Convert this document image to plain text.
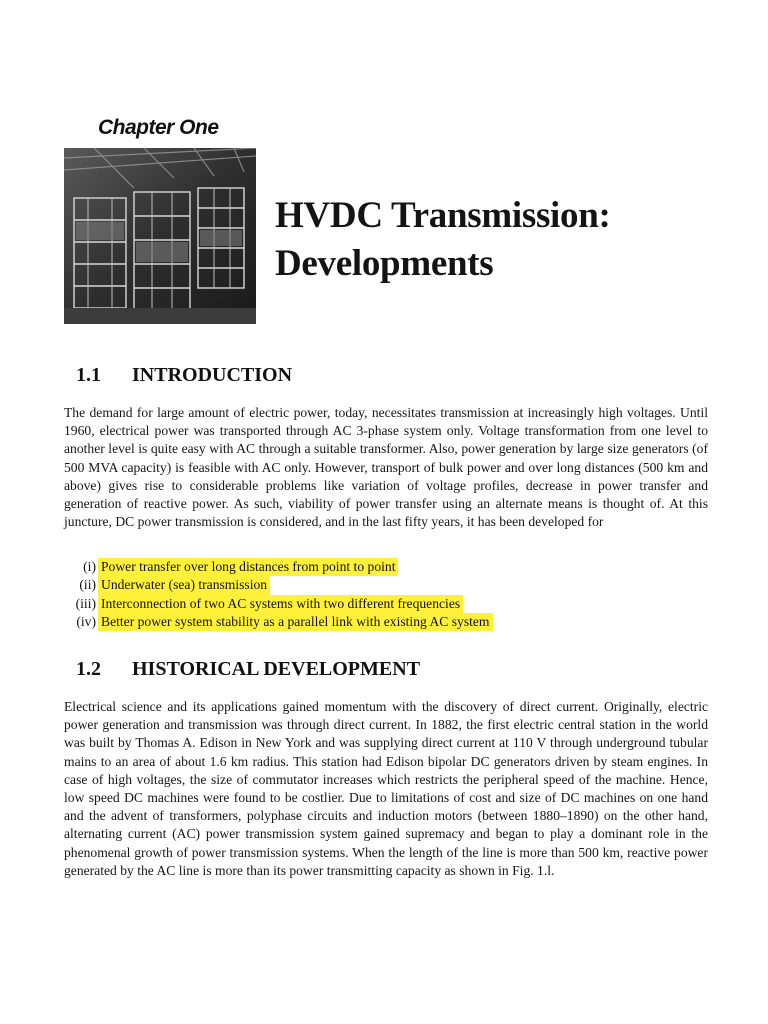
Chapter One
HVDC Transmission:
Developments
1.1 INTRODUCTION

The demand for large amount of electric power, today, necessitates transmission at increasingly high voltages. Until 1960, electrical power was transported through AC 3-phase system only. Voltage transformation from one level to another level is quite easy with AC through a suitable transformer. Also, power generation by large size generators (of 500 MVA capacity) is feasible with AC only. However, transport of bulk power and over long distances (500 km and above) gives rise to considerable problems like variation of voltage profiles, decrease in power transfer and generation of reactive power. As such, viability of power transfer using an alternate means is thought of. At this juncture, DC power transmission is considered, and in the last fifty years, it has been developed for

(i) Power transfer over long distances from point to point
(ii) Underwater (sea) transmission
(iii) Interconnection of two AC systems with two different frequencies
(iv) Better power system stability as a parallel link with existing AC system
1.2 HISTORICAL DEVELOPMENT

Electrical science and its applications gained momentum with the discovery of direct current. Originally, electric power generation and transmission was through direct current. In 1882, the first electric central station in the world was built by Thomas A. Edison in New York and was supplying direct current at 110 V through underground tubular mains to an area of about 1.6 km radius. This station had Edison bipolar DC generators driven by steam engines. In case of high voltages, the size of commutator increases which restricts the peripheral speed of the machine. Hence, low speed DC machines were found to be costlier. Due to limitations of cost and size of DC machines on one hand and the advent of transformers, polyphase circuits and induction motors (between 1880–1890) on the other hand, alternating current (AC) power transmission system gained supremacy and began to play a dominant role in the phenomenal growth of power transmission systems. When the length of the line is more than 500 km, reactive power generated by the AC line is more than its power transmitting capacity as shown in Fig. 1.l.
